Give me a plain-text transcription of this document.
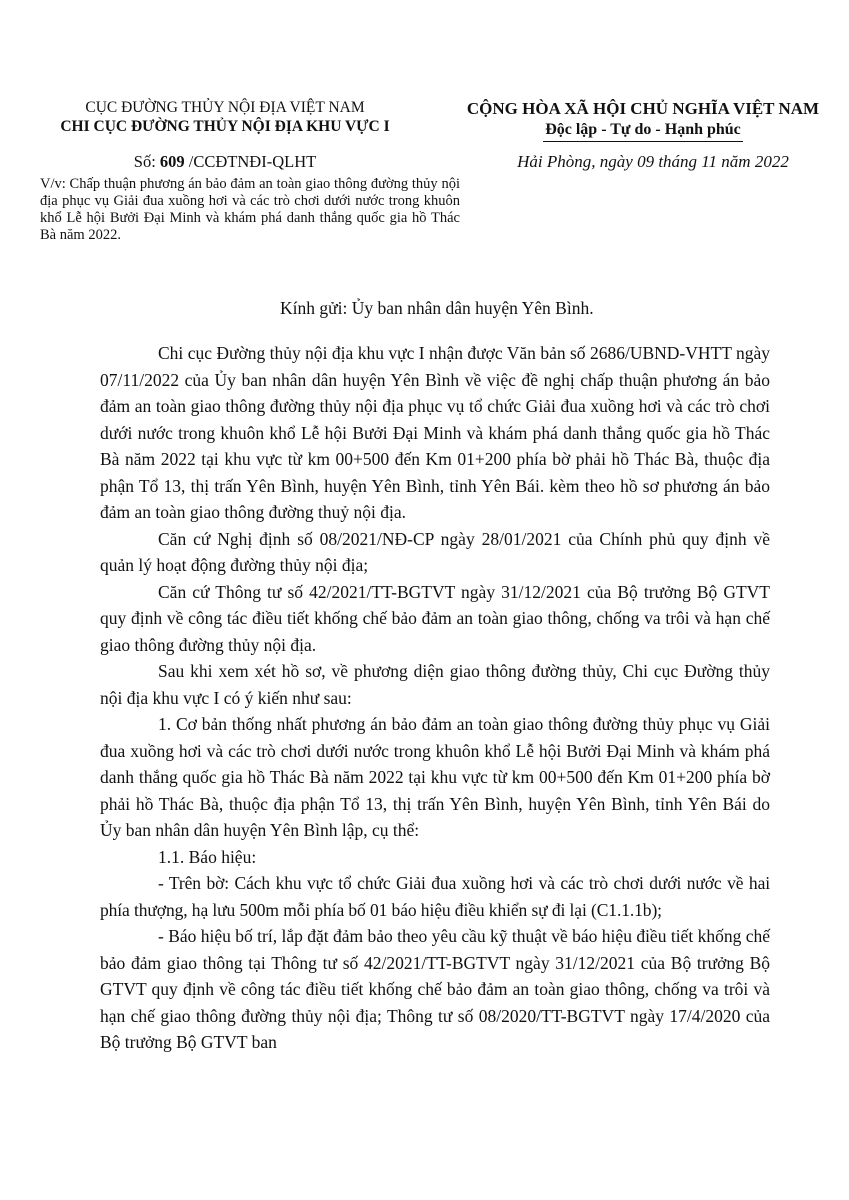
CỤC ĐƯỜNG THỦY NỘI ĐỊA VIỆT NAM
CHI CỤC ĐƯỜNG THỦY NỘI ĐỊA KHU VỰC I
CỘNG HÒA XÃ HỘI CHỦ NGHĨA VIỆT NAM
Độc lập - Tự do - Hạnh phúc
Số: 609 /CCĐTNĐI-QLHT	Hải Phòng, ngày 09 tháng 11 năm 2022
V/v: Chấp thuận phương án bảo đảm an toàn giao thông đường thủy nội địa phục vụ Giải đua xuồng hơi và các trò chơi dưới nước trong khuôn khổ Lễ hội Bưởi Đại Minh và khám phá danh thắng quốc gia hồ Thác Bà năm 2022.
Kính gửi: Ủy ban nhân dân huyện Yên Bình.

Chi cục Đường thủy nội địa khu vực I nhận được Văn bản số 2686/UBND-VHTT ngày 07/11/2022 của Ủy ban nhân dân huyện Yên Bình về việc đề nghị chấp thuận phương án bảo đảm an toàn giao thông đường thủy nội địa phục vụ tổ chức Giải đua xuồng hơi và các trò chơi dưới nước trong khuôn khổ Lễ hội Bưởi Đại Minh và khám phá danh thắng quốc gia hồ Thác Bà năm 2022 tại khu vực từ km 00+500 đến Km 01+200 phía bờ phải hồ Thác Bà, thuộc địa phận Tổ 13, thị trấn Yên Bình, huyện Yên Bình, tỉnh Yên Bái. kèm theo hồ sơ phương án bảo đảm an toàn giao thông đường thuỷ nội địa.

Căn cứ Nghị định số 08/2021/NĐ-CP ngày 28/01/2021 của Chính phủ quy định về quản lý hoạt động đường thủy nội địa;

Căn cứ Thông tư số 42/2021/TT-BGTVT ngày 31/12/2021 của Bộ trưởng Bộ GTVT quy định về công tác điều tiết khống chế bảo đảm an toàn giao thông, chống va trôi và hạn chế giao thông đường thủy nội địa.

Sau khi xem xét hồ sơ, về phương diện giao thông đường thủy, Chi cục Đường thủy nội địa khu vực I có ý kiến như sau:

1. Cơ bản thống nhất phương án bảo đảm an toàn giao thông đường thủy phục vụ Giải đua xuồng hơi và các trò chơi dưới nước trong khuôn khổ Lễ hội Bưởi Đại Minh và khám phá danh thắng quốc gia hồ Thác Bà năm 2022 tại khu vực từ km 00+500 đến Km 01+200 phía bờ phải hồ Thác Bà, thuộc địa phận Tổ 13, thị trấn Yên Bình, huyện Yên Bình, tỉnh Yên Bái do Ủy ban nhân dân huyện Yên Bình lập, cụ thể:

1.1. Báo hiệu:

- Trên bờ: Cách khu vực tổ chức Giải đua xuồng hơi và các trò chơi dưới nước về hai phía thượng, hạ lưu 500m mỗi phía bố 01 báo hiệu điều khiển sự đi lại (C1.1.1b);

- Báo hiệu bố trí, lắp đặt đảm bảo theo yêu cầu kỹ thuật về báo hiệu điều tiết khống chế bảo đảm giao thông tại Thông tư số 42/2021/TT-BGTVT ngày 31/12/2021 của Bộ trưởng Bộ GTVT quy định về công tác điều tiết khống chế bảo đảm an toàn giao thông, chống va trôi và hạn chế giao thông đường thủy nội địa; Thông tư số 08/2020/TT-BGTVT ngày 17/4/2020 của Bộ trưởng Bộ GTVT ban
